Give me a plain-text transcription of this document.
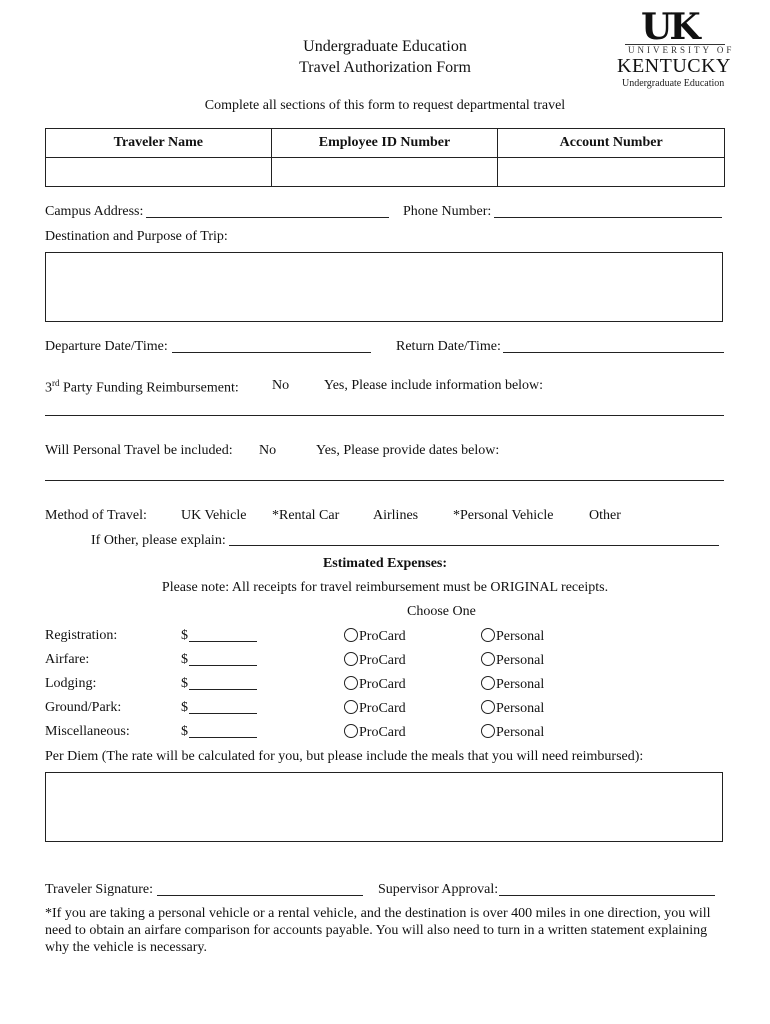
Undergraduate Education
Travel Authorization Form
UK
UNIVERSITY OF
KENTUCKY
Undergraduate Education
Complete all sections of this form to request departmental travel
Traveler Name	Employee ID Number	Account Number

Campus Address:	Phone Number:
Destination and Purpose of Trip:
Departure Date/Time:	Return Date/Time:
3rd Party Funding Reimbursement: No Yes, Please include information below:
Will Personal Travel be included: No	Yes, Please provide dates below:
Method of Travel: UK Vehicle *Rental Car Airlines *Personal Vehicle	Other
If Other, please explain:
Estimated Expenses:
Please note: All receipts for travel reimbursement must be ORIGINAL receipts.
Choose One
Registration:	$	ProCard	Personal
Airfare:	$	ProCard	Personal
Lodging:	$	ProCard	Personal
Ground/Park:	$	ProCard	Personal
Miscellaneous:	$	ProCard	Personal
Per Diem (The rate will be calculated for you, but please include the meals that you will need reimbursed):
Traveler Signature:	Supervisor Approval:
*If you are taking a personal vehicle or a rental vehicle, and the destination is over 400 miles in one direction, you will
need to obtain an airfare comparison for accounts payable. You will also need to turn in a written statement explaining
why the vehicle is necessary.
